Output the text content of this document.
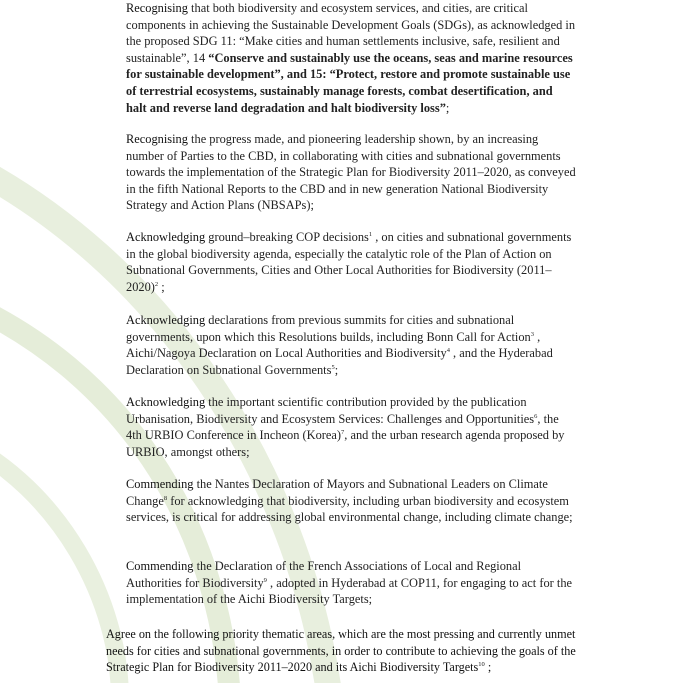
Recognising that both biodiversity and ecosystem services, and cities, are critical components in achieving the Sustainable Development Goals (SDGs), as acknowledged in the proposed SDG 11: “Make cities and human settlements inclusive, safe, resilient and sustainable”, 14 “Conserve and sustainably use the oceans, seas and marine resources for sustainable development”, and 15: “Protect, restore and promote sustainable use of terrestrial ecosystems, sustainably manage forests, combat desertification, and halt and reverse land degradation and halt biodiversity loss”;
Recognising the progress made, and pioneering leadership shown, by an increasing number of Parties to the CBD, in collaborating with cities and subnational governments towards the implementation of the Strategic Plan for Biodiversity 2011–2020, as conveyed in the fifth National Reports to the CBD and in new generation National Biodiversity Strategy and Action Plans (NBSAPs);
Acknowledging ground–breaking COP decisions$^1$ , on cities and subnational governments in the global biodiversity agenda, especially the catalytic role of the Plan of Action on Subnational Governments, Cities and Other Local Authorities for Biodiversity (2011–2020)$^2$ ;
Acknowledging declarations from previous summits for cities and subnational governments, upon which this Resolutions builds, including Bonn Call for Action$^3$ , Aichi/Nagoya Declaration on Local Authorities and Biodiversity$^4$ , and the Hyderabad Declaration on Subnational Governments$^5$;
Acknowledging the important scientific contribution provided by the publication Urbanisation, Biodiversity and Ecosystem Services: Challenges and Opportunities$^6$, the 4th URBIO Conference in Incheon (Korea)$^7$, and the urban research agenda proposed by URBIO, amongst others;
Commending the Nantes Declaration of Mayors and Subnational Leaders on Climate Change$^8$ for acknowledging that biodiversity, including urban biodiversity and ecosystem services, is critical for addressing global environmental change, including climate change;
Commending the Declaration of the French Associations of Local and Regional Authorities for Biodiversity$^9$ , adopted in Hyderabad at COP11, for engaging to act for the implementation of the Aichi Biodiversity Targets;
Agree on the following priority thematic areas, which are the most pressing and currently unmet needs for cities and subnational governments, in order to contribute to achieving the goals of the Strategic Plan for Biodiversity 2011–2020 and its Aichi Biodiversity Targets$^{10}$ ;
